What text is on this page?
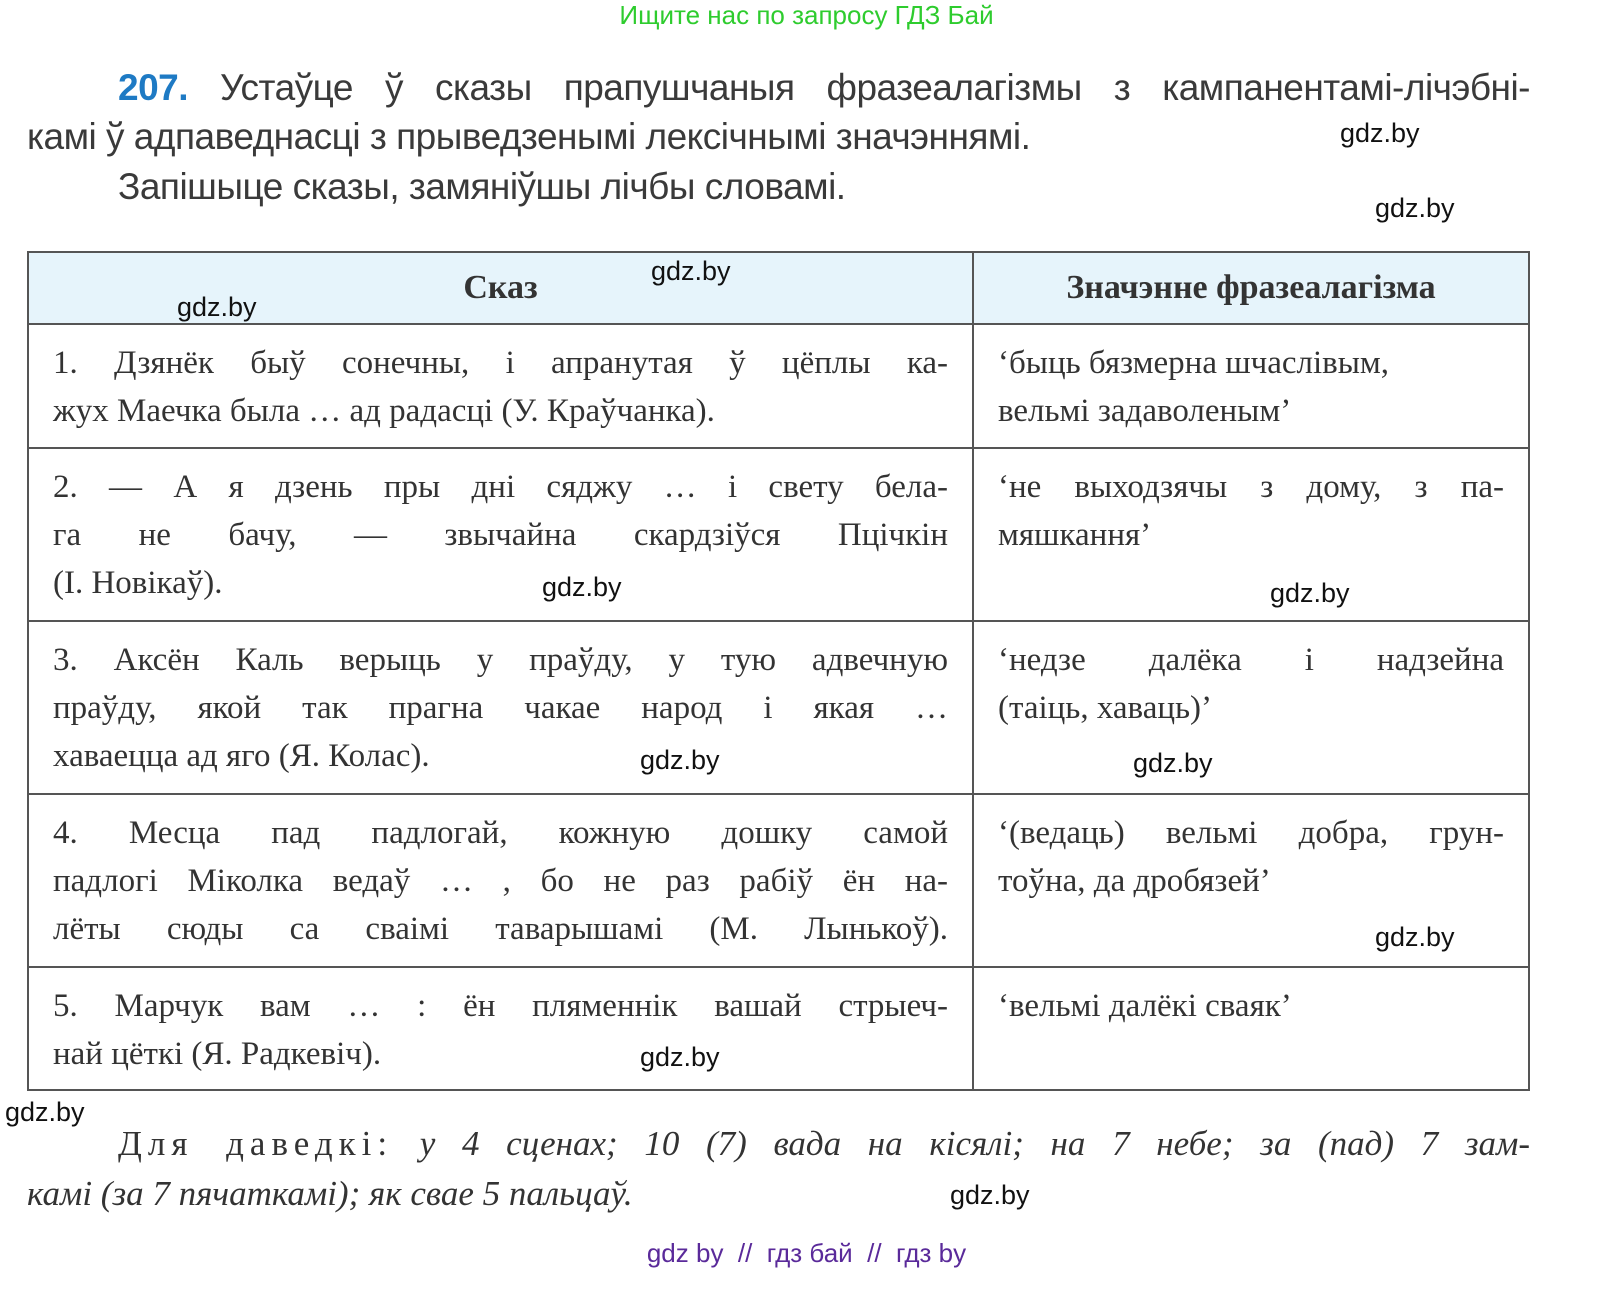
Ищите нас по запросу ГДЗ Бай
207. Устаўце ў сказы прапушчаныя фразеалагізмы з кампанентамі-лічэбні-
камі ў адпаведнасці з прыведзенымі лексічнымі значэннямі.
Запішыце сказы, замяніўшы лічбы словамі.
Сказ	Значэнне фразеалагізма

1. Дзянёк быў сонечны, і апранутая ў цёплы ка-
жух Маечка была … ад радасці (У. Краўчанка).	‘быць бязмерна шчаслівым,
вельмі задаволеным’

2. — А я дзень пры дні сяджу … і свету бела-
га не бачу, — звычайна скардзіўся Пцічкін
(І. Новікаў).	‘не выходзячы з дому, з па-
мяшкання’

3. Аксён Каль верыць у праўду, у тую адвечную
праўду, якой так прагна чакае народ і якая …
хаваецца ад яго (Я. Колас).	‘недзе далёка і надзейна
(таіць, хаваць)’

4. Месца пад падлогай, кожную дошку самой
падлогі Міколка ведаў … , бо не раз рабіў ён на-
лёты сюды са сваімі таварышамі (М. Лынькоў).	‘(ведаць) вельмі добра, грун-
тоўна, да дробязей’

5. Марчук вам … : ён пляменнік вашай стрыеч-
най цёткі (Я. Радкевіч).	‘вельмі далёкі сваяк’
Для даведкі: у 4 сценах; 10 (7) вада на кісялі; на 7 небе; за (пад) 7 зам-
камі (за 7 пячаткамі); як свае 5 пальцаў.
gdz.by
gdz.by
gdz.by
gdz.by
gdz.by
gdz.by
gdz.by
gdz.by
gdz.by
gdz.by
gdz.by
gdz.by
gdz by  //  гдз бай  //  гдз by
